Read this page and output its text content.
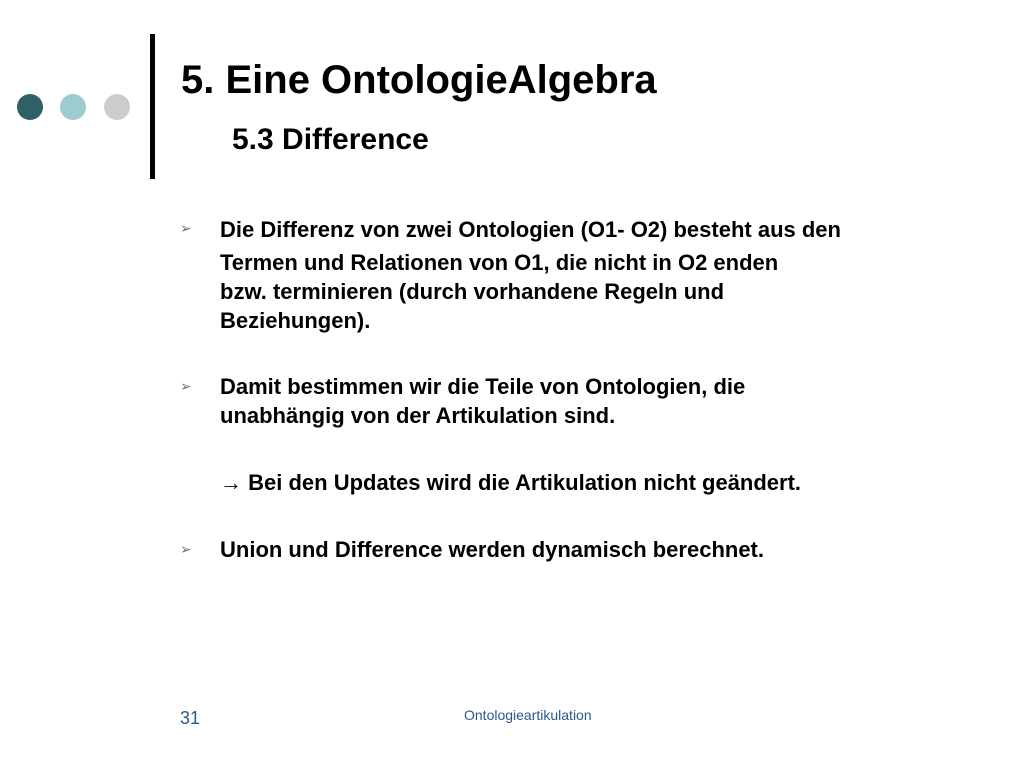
5. Eine OntologieAlgebra
5.3 Difference
➢	Die Differenz von zwei Ontologien (O1- O2) besteht aus den
Termen und Relationen von O1, die nicht in O2 enden
bzw. terminieren (durch vorhandene Regeln und
Beziehungen).
➢	Damit bestimmen wir die Teile von Ontologien, die
unabhängig von der Artikulation sind.
→ Bei den Updates wird die Artikulation nicht geändert.
➢	Union und Difference werden dynamisch berechnet.
31	Ontologieartikulation
